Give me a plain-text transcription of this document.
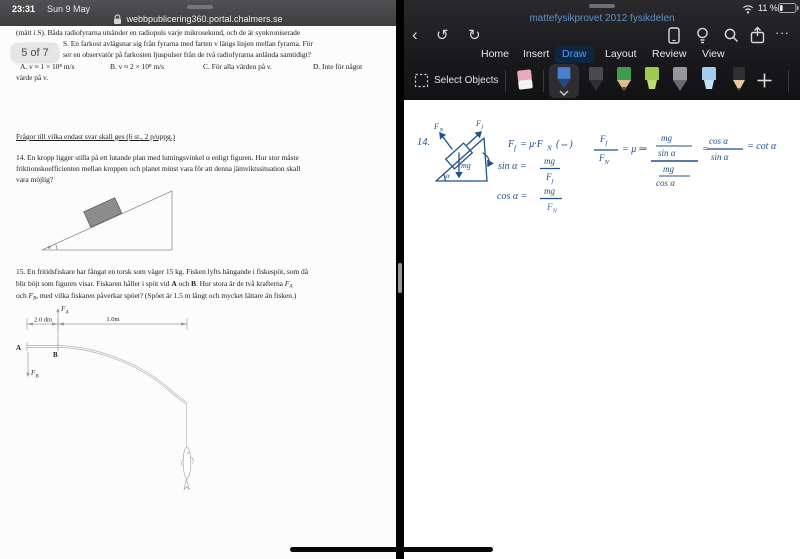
23:31 Sun 9 May
webbpublicering360.portal.chalmers.se
(mätt i S). Båda radiofyrarna utsänder en radiopuls varje mikrosekund, och de är synkroniserade
S. En farkost avlägsnar sig från fyrarna med farten v längs linjen mellan fyrarna. För
ser en observatör på farkosten ljuspulser från de två radiofyrarna anlända samtidigt?
A. v ≈ 1 × 10⁸ m/s	B. v ≈ 2 × 10⁸ m/s	C. För alla värden på v.	D. Inte för något
värde på v.
5 of 7
Frågor till vilka endast svar skall ges (6 st., 2 p/uppg.)
14. En kropp ligger stilla på ett lutande plan med lutningsvinkel α enligt figuren. Hur stor måste
friktionskoefficienten mellan kroppen och planet minst vara för att denna jämviktssituation skall
vara möjlig?
15. En fritidsfiskare har fångat en torsk som väger 15 kg. Fisken lyfts hängande i fiskespöt, som då
blir böjt som figuren visar. Fiskaren håller i spöt vid A och B. Hur stora är de två krafterna $F_A$
och $F_B$, med vilka fiskaren påverkar spöet? (Spöet är 1.5 m långt och mycket lättare än fisken.)
α
F A
2.0 dm	1.0m
A
B
F B
11 %
mattefysikprovet 2012 fysikdelen
‹ ↺ ↺	···
Home Insert	Draw	Layout Review View
Select Objects
14.
F N
F f
mg
α
F f = μ·F N (⇔)	F f
F N
= μ ⇒
mg
sin α
mg
cos α
=
cos α
sin α
= cot α
sin α = mg
F f
cos α = mg
F N
